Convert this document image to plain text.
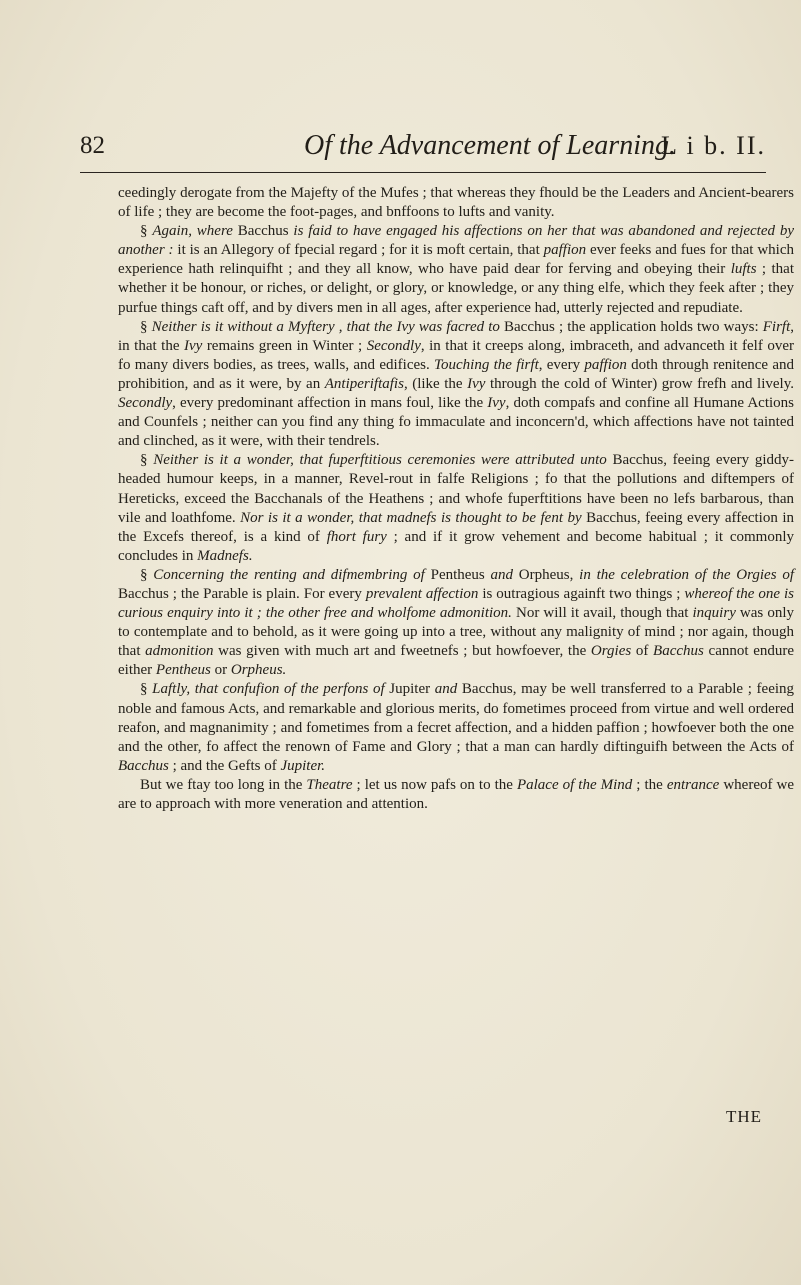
82	Of the Advancement of Learning.
L i b. II.

ceedingly derogate from the Majefty of the Mufes ; that whereas they fhould be the Leaders and Ancient-bearers of life ; they are become the foot-pages, and bnffoons to lufts and vanity.

§ Again, where Bacchus is faid to have engaged his affections on her that was abandoned and rejected by another : it is an Allegory of fpecial regard ; for it is moft certain, that paffion ever feeks and fues for that which experience hath relinquifht ; and they all know, who have paid dear for ferving and obeying their lufts ; that whether it be honour, or riches, or delight, or glory, or knowledge, or any thing elfe, which they feek after ; they purfue things caft off, and by divers men in all ages, after experience had, utterly rejected and repudiate.

§ Neither is it without a Myftery , that the Ivy was facred to Bacchus ; the application holds two ways: Firft, in that the Ivy remains green in Winter ; Secondly, in that it creeps along, imbraceth, and advanceth it felf over fo many divers bodies, as trees, walls, and edifices. Touching the firft, every paffion doth through renitence and prohibition, and as it were, by an Antiperiftafis, (like the Ivy through the cold of Winter) grow frefh and lively. Secondly, every predominant affection in mans foul, like the Ivy, doth compafs and confine all Humane Actions and Counfels ; neither can you find any thing fo immaculate and inconcern'd, which affections have not tainted and clinched, as it were, with their tendrels.

§ Neither is it a wonder, that fuperftitious ceremonies were attributed unto Bacchus, feeing every giddy-headed humour keeps, in a manner, Revel-rout in falfe Religions ; fo that the pollutions and diftempers of Hereticks, exceed the Bacchanals of the Heathens ; and whofe fuperftitions have been no lefs barbarous, than vile and loathfome. Nor is it a wonder, that madnefs is thought to be fent by Bacchus, feeing every affection in the Excefs thereof, is a kind of fhort fury ; and if it grow vehement and become habitual ; it commonly concludes in Madnefs.

§ Concerning the renting and difmembring of Pentheus and Orpheus, in the celebration of the Orgies of Bacchus ; the Parable is plain. For every prevalent affection is outragious againft two things ; whereof the one is curious enquiry into it ; the other free and wholfome admonition. Nor will it avail, though that inquiry was only to contemplate and to behold, as it were going up into a tree, without any malignity of mind ; nor again, though that admonition was given with much art and fweetnefs ; but howfoever, the Orgies of Bacchus cannot endure either Pentheus or Orpheus.

§ Laftly, that confufion of the perfons of Jupiter and Bacchus, may be well transferred to a Parable ; feeing noble and famous Acts, and remarkable and glorious merits, do fometimes proceed from virtue and well ordered reafon, and magnanimity ; and fometimes from a fecret affection, and a hidden paffion ; howfoever both the one and the other, fo affect the renown of Fame and Glory ; that a man can hardly diftinguifh between the Acts of Bacchus ; and the Gefts of Jupiter.

But we ftay too long in the Theatre ; let us now pafs on to the Palace of the Mind ; the entrance whereof we are to approach with more veneration and attention.

THE
